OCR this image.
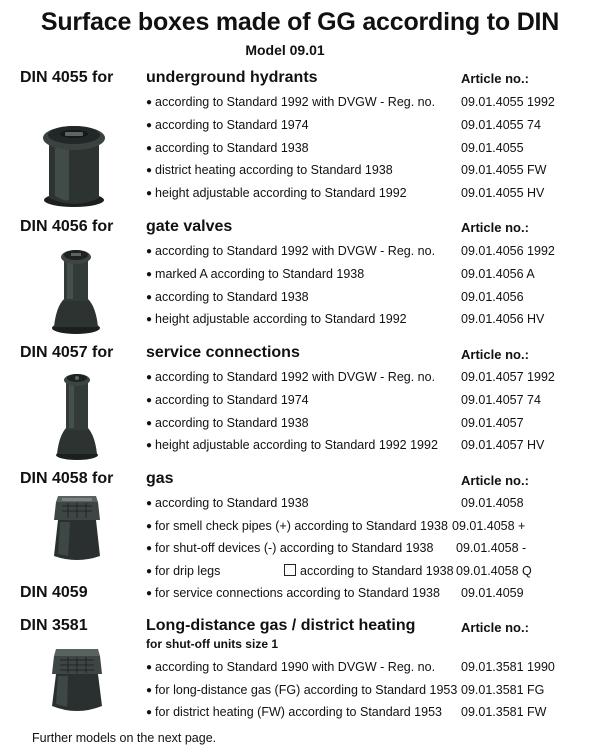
Surface boxes made of GG according to DIN
Model 09.01
DIN 4055 for underground hydrants	Article no.:
● according to Standard 1992 with DVGW - Reg. no. 09.01.4055 1992
● according to Standard 1974	09.01.4055 74
● according to Standard 1938	09.01.4055
● district heating according to Standard 1938	09.01.4055 FW
● height adjustable according to Standard 1992	09.01.4055 HV
DIN 4056 for gate valves	Article no.:
● according to Standard 1992 with DVGW - Reg. no. 09.01.4056 1992
● marked A according to Standard 1938	09.01.4056 A
● according to Standard 1938	09.01.4056
● height adjustable according to Standard 1992	09.01.4056 HV
DIN 4057 for service connections	Article no.:
● according to Standard 1992 with DVGW - Reg. no. 09.01.4057 1992
● according to Standard 1974	09.01.4057 74
● according to Standard 1938	09.01.4057
● height adjustable according to Standard 1992 1992 09.01.4057 HV
DIN 4058 for gas	Article no.:
● according to Standard 1938	09.01.4058
● for smell check pipes (+) according to Standard 1938 09.01.4058 +
● for shut-off devices (-) according to Standard 1938 09.01.4058 -
● for drip legs	according to Standard 1938 09.01.4058 Q
DIN 4059	● for service connections according to Standard 1938 09.01.4059
DIN 3581	Long-distance gas / district heating
for shut-off units size 1
Article no.:
● according to Standard 1990 with DVGW - Reg. no. 09.01.3581 1990
● for long-distance gas (FG) according to Standard 1953 09.01.3581 FG
● for district heating (FW) according to Standard 1953 09.01.3581 FW
Further models on the next page.
